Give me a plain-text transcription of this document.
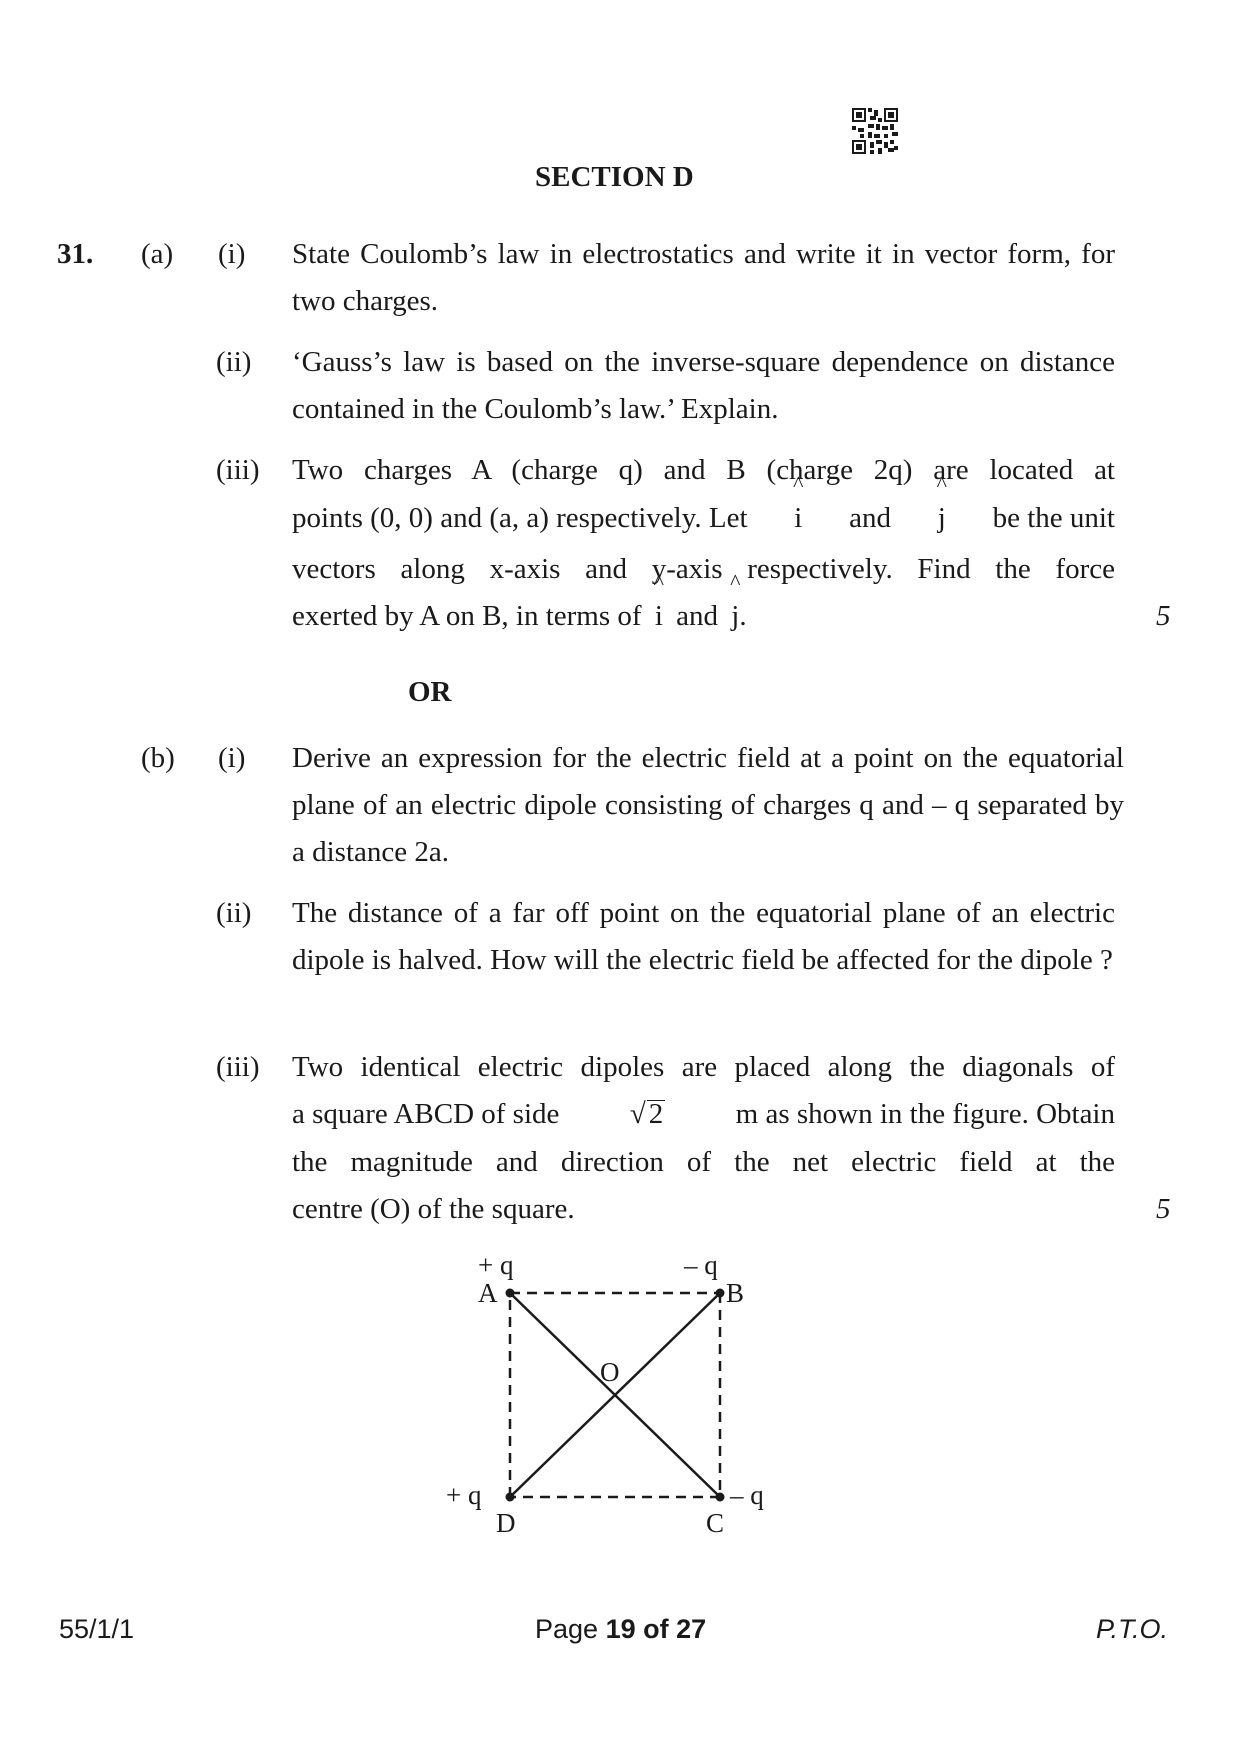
SECTION D
31. (a) (i) State Coulomb’s law in electrostatics and write it in vector form, for two charges.
(ii) ‘Gauss’s law is based on the inverse-square dependence on distance contained in the Coulomb’s law.’ Explain.
(iii) Two charges A (charge q) and B (charge 2q) are located at
points (0, 0) and (a, a) respectively. Let ^ i and ^ j be the unit
vectors along x-axis and y-axis respectively. Find the force
exerted by A on B, in terms of ^ i and ^ j.	5
OR
(b) (i) Derive an expression for the electric field at a point on the equatorial plane of an electric dipole consisting of charges q and – q separated by a distance 2a.
(ii) The distance of a far off point on the equatorial plane of an electric dipole is halved. How will the electric field be affected for the dipole ?
(iii) Two identical electric dipoles are placed along the diagonals of
a square ABCD of side √ 2 m as shown in the figure. Obtain
the magnitude and direction of the net electric field at the
centre (O) of the square.	5
+ q	– q
– q
+ q
A	B
C
D
O
55/1/1	Page 19 of 27	P.T.O.
